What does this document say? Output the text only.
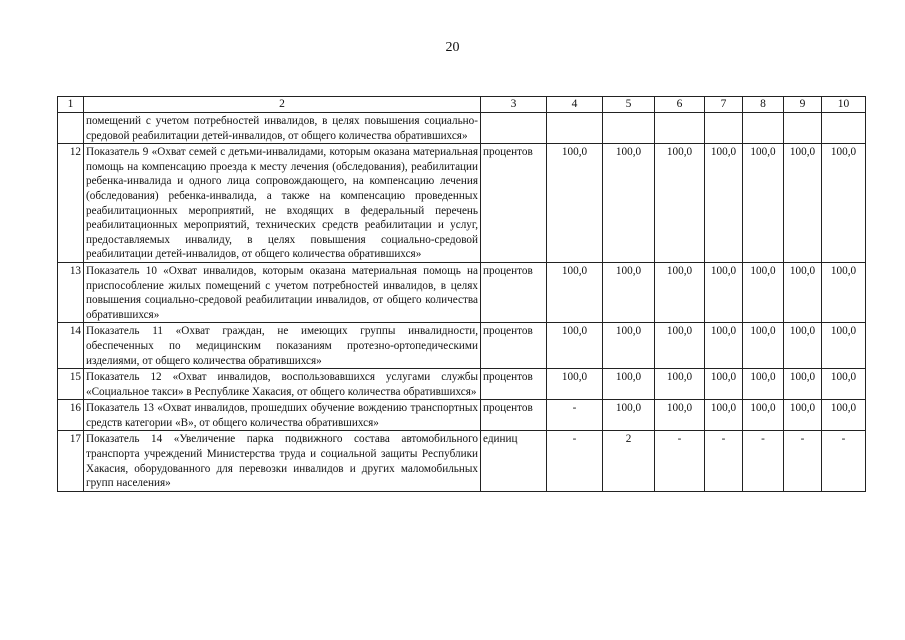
20
1	2	3	4	5	6	7	8	9	10
	помещений с учетом потребностей инвалидов, в целях повышения социально-средовой реабилитации детей-инвалидов, от общего количества обратившихся»								
12	Показатель 9 «Охват семей с детьми-инвалидами, которым оказана материальная помощь на компенсацию проезда к месту лечения (обследования), реабилитации ребенка-инвалида и одного лица сопровождающего, на компенсацию лечения (обследования) ребенка-инвалида, а также на компенсацию проведенных реабилитационных мероприятий, не входящих в федеральный перечень реабилитационных мероприятий, технических средств реабилитации и услуг, предоставляемых инвалиду, в целях повышения социально-средовой реабилитации детей-инвалидов, от общего количества обратившихся»	процентов	100,0	100,0	100,0	100,0	100,0	100,0	100,0
13	Показатель 10 «Охват инвалидов, которым оказана материальная помощь на приспособление жилых помещений с учетом потребностей инвалидов, в целях повышения социально-средовой реабилитации инвалидов, от общего количества обратившихся»	процентов	100,0	100,0	100,0	100,0	100,0	100,0	100,0
14	Показатель 11 «Охват граждан, не имеющих группы инвалидности, обеспеченных по медицинским показаниям протезно-ортопедическими изделиями, от общего количества обратившихся»	процентов	100,0	100,0	100,0	100,0	100,0	100,0	100,0
15	Показатель 12 «Охват инвалидов, воспользовавшихся услугами службы «Социальное такси» в Республике Хакасия, от общего количества обратившихся»	процентов	100,0	100,0	100,0	100,0	100,0	100,0	100,0
16	Показатель 13 «Охват инвалидов, прошедших обучение вождению транспортных средств категории «В», от общего количества обратившихся»	процентов	-	100,0	100,0	100,0	100,0	100,0	100,0
17	Показатель 14 «Увеличение парка подвижного состава автомобильного транспорта учреждений Министерства труда и социальной защиты Республики Хакасия, оборудованного для перевозки инвалидов и других маломобильных групп населения»	единиц	-	2	-	-	-	-	-
